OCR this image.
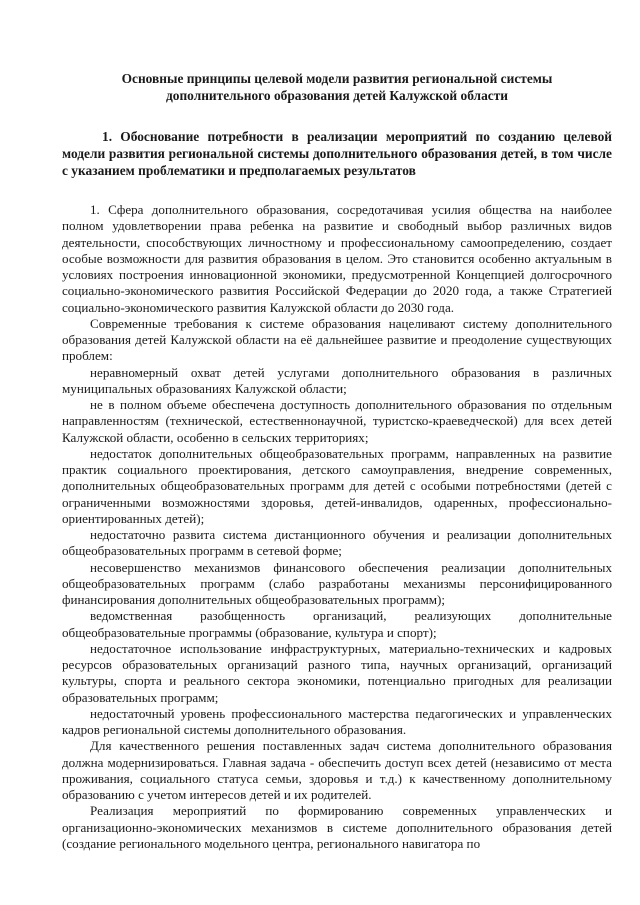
Основные принципы целевой модели развития региональной системы
дополнительного образования детей Калужской области
1. Обоснование потребности в реализации мероприятий по созданию целевой модели развития региональной системы дополнительного образования детей, в том числе с указанием проблематики и предполагаемых результатов

1. Сфера дополнительного образования, сосредотачивая усилия общества на наиболее полном удовлетворении права ребенка на развитие и свободный выбор различных видов деятельности, способствующих личностному и профессиональному самоопределению, создает особые возможности для развития образования в целом. Это становится особенно актуальным в условиях построения инновационной экономики, предусмотренной Концепцией долгосрочного социально-экономического развития Российской Федерации до 2020 года, а также Стратегией социально-экономического развития Калужской области до 2030 года.

Современные требования к системе образования нацеливают систему дополнительного образования детей Калужской области на её дальнейшее развитие и преодоление существующих проблем:

неравномерный охват детей услугами дополнительного образования в различных муниципальных образованиях Калужской области;

не в полном объеме обеспечена доступность дополнительного образования по отдельным направленностям (технической, естественнонаучной, туристско-краеведческой) для всех детей Калужской области, особенно в сельских территориях;

недостаток дополнительных общеобразовательных программ, направленных на развитие практик социального проектирования, детского самоуправления, внедрение современных, дополнительных общеобразовательных программ для детей с особыми потребностями (детей с ограниченными возможностями здоровья, детей-инвалидов, одаренных, профессионально-ориентированных детей);

недостаточно развита система дистанционного обучения и реализации дополнительных общеобразовательных программ в сетевой форме;

несовершенство механизмов финансового обеспечения реализации дополнительных общеобразовательных программ (слабо разработаны механизмы персонифицированного финансирования дополнительных общеобразовательных программ);

ведомственная разобщенность организаций, реализующих дополнительные общеобразовательные программы (образование, культура и спорт);

недостаточное использование инфраструктурных, материально-технических и кадровых ресурсов образовательных организаций разного типа, научных организаций, организаций культуры, спорта и реального сектора экономики, потенциально пригодных для реализации образовательных программ;

недостаточный уровень профессионального мастерства педагогических и управленческих кадров региональной системы дополнительного образования.

Для качественного решения поставленных задач система дополнительного образования должна модернизироваться. Главная задача - обеспечить доступ всех детей (независимо от места проживания, социального статуса семьи, здоровья и т.д.) к качественному дополнительному образованию с учетом интересов детей и их родителей.

Реализация мероприятий по формированию современных управленческих и организационно-экономических механизмов в системе дополнительного образования детей (создание регионального модельного центра, регионального навигатора по
